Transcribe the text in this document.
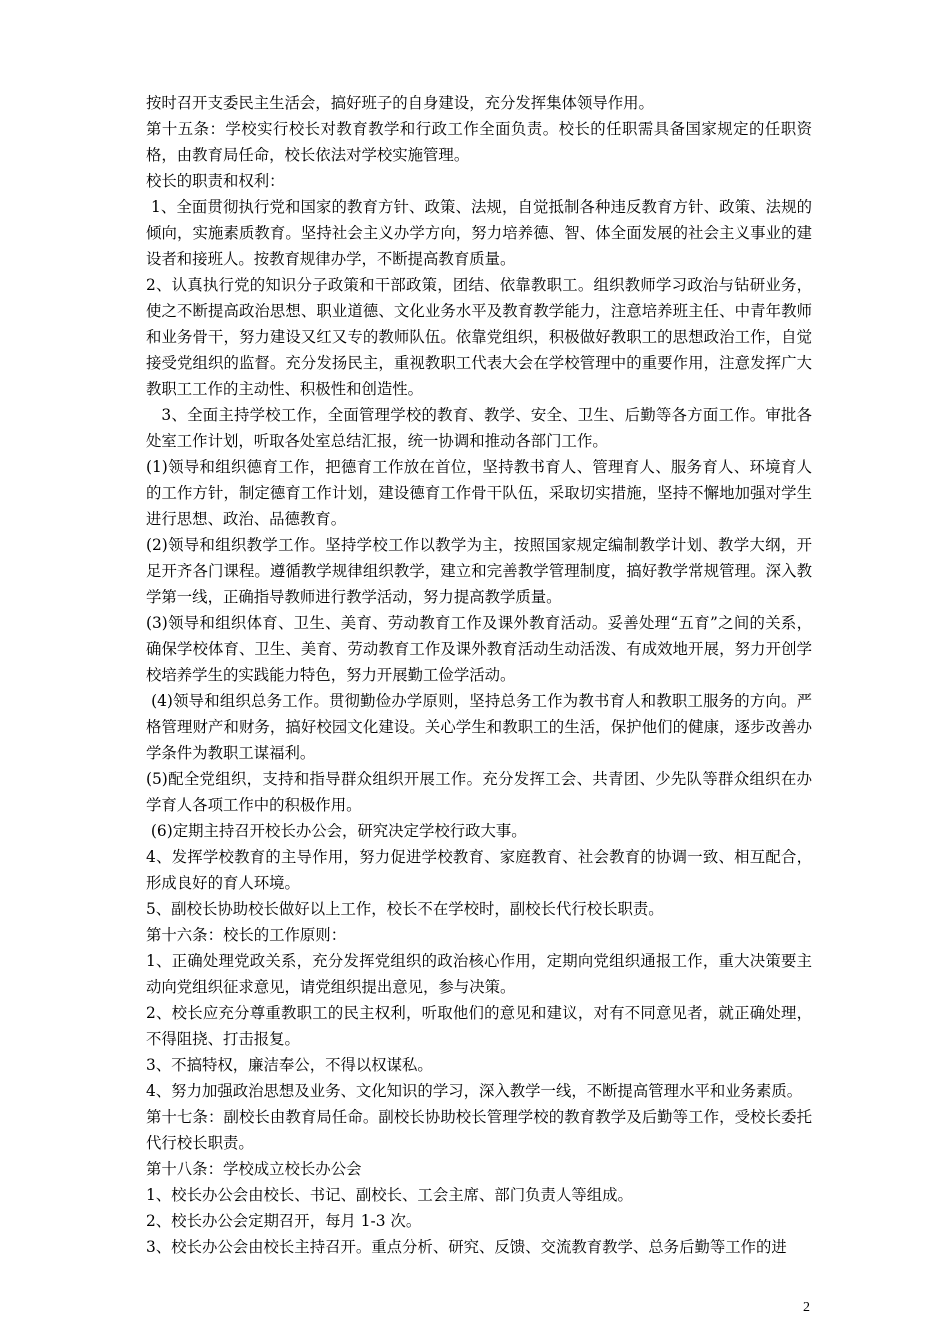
按时召开支委民主生活会，搞好班子的自身建设，充分发挥集体领导作用。

第十五条：学校实行校长对教育教学和行政工作全面负责。校长的任职需具备国家规定的任职资格，由教育局任命，校长依法对学校实施管理。

校长的职责和权利：

1、全面贯彻执行党和国家的教育方针、政策、法规，自觉抵制各种违反教育方针、政策、法规的倾向，实施素质教育。坚持社会主义办学方向，努力培养德、智、体全面发展的社会主义事业的建设者和接班人。按教育规律办学，不断提高教育质量。

2、认真执行党的知识分子政策和干部政策，团结、依靠教职工。组织教师学习政治与钻研业务，使之不断提高政治思想、职业道德、文化业务水平及教育教学能力，注意培养班主任、中青年教师和业务骨干，努力建设又红又专的教师队伍。依靠党组织，积极做好教职工的思想政治工作，自觉接受党组织的监督。充分发扬民主，重视教职工代表大会在学校管理中的重要作用，注意发挥广大教职工工作的主动性、积极性和创造性。

3、全面主持学校工作，全面管理学校的教育、教学、安全、卫生、后勤等各方面工作。审批各处室工作计划，听取各处室总结汇报，统一协调和推动各部门工作。

(1)领导和组织德育工作，把德育工作放在首位，坚持教书育人、管理育人、服务育人、环境育人的工作方针，制定德育工作计划，建设德育工作骨干队伍，采取切实措施，坚持不懈地加强对学生进行思想、政治、品德教育。

(2)领导和组织教学工作。坚持学校工作以教学为主，按照国家规定编制教学计划、教学大纲，开足开齐各门课程。遵循教学规律组织教学，建立和完善教学管理制度，搞好教学常规管理。深入教学第一线，正确指导教师进行教学活动，努力提高教学质量。

(3)领导和组织体育、卫生、美育、劳动教育工作及课外教育活动。妥善处理“五育”之间的关系，确保学校体育、卫生、美育、劳动教育工作及课外教育活动生动活泼、有成效地开展，努力开创学校培养学生的实践能力特色，努力开展勤工俭学活动。

(4)领导和组织总务工作。贯彻勤俭办学原则，坚持总务工作为教书育人和教职工服务的方向。严格管理财产和财务，搞好校园文化建设。关心学生和教职工的生活，保护他们的健康，逐步改善办学条件为教职工谋福利。

(5)配全党组织，支持和指导群众组织开展工作。充分发挥工会、共青团、少先队等群众组织在办学育人各项工作中的积极作用。

(6)定期主持召开校长办公会，研究决定学校行政大事。

4、发挥学校教育的主导作用，努力促进学校教育、家庭教育、社会教育的协调一致、相互配合，形成良好的育人环境。

5、副校长协助校长做好以上工作，校长不在学校时，副校长代行校长职责。

第十六条：校长的工作原则：

1、正确处理党政关系，充分发挥党组织的政治核心作用，定期向党组织通报工作，重大决策要主动向党组织征求意见，请党组织提出意见，参与决策。

2、校长应充分尊重教职工的民主权利，听取他们的意见和建议，对有不同意见者，就正确处理，不得阻挠、打击报复。

3、不搞特权，廉洁奉公，不得以权谋私。

4、努力加强政治思想及业务、文化知识的学习，深入教学一线，不断提高管理水平和业务素质。

第十七条：副校长由教育局任命。副校长协助校长管理学校的教育教学及后勤等工作，受校长委托代行校长职责。

第十八条：学校成立校长办公会

1、校长办公会由校长、书记、副校长、工会主席、部门负责人等组成。

2、校长办公会定期召开，每月 1-3 次。

3、校长办公会由校长主持召开。重点分析、研究、反馈、交流教育教学、总务后勤等工作的进

2
